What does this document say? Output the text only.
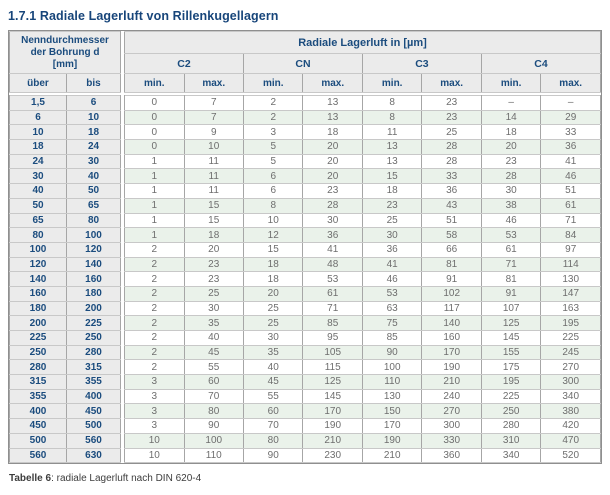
1.7.1 Radiale Lagerluft von Rillenkugellagern
Nenndurchmesser der Bohrung d [mm]			Radiale Lagerluft in [µm]							
			C2		CN		C3		C4	
über	bis		min.	max.	min.	max.	min.	max.	min.	max.

1,5	6		0	7	2	13	8	23	–	–
6	10		0	7	2	13	8	23	14	29
10	18		0	9	3	18	11	25	18	33
18	24		0	10	5	20	13	28	20	36
24	30		1	11	5	20	13	28	23	41
30	40		1	11	6	20	15	33	28	46
40	50		1	11	6	23	18	36	30	51
50	65		1	15	8	28	23	43	38	61
65	80		1	15	10	30	25	51	46	71
80	100		1	18	12	36	30	58	53	84
100	120		2	20	15	41	36	66	61	97
120	140		2	23	18	48	41	81	71	114
140	160		2	23	18	53	46	91	81	130
160	180		2	25	20	61	53	102	91	147
180	200		2	30	25	71	63	117	107	163
200	225		2	35	25	85	75	140	125	195
225	250		2	40	30	95	85	160	145	225
250	280		2	45	35	105	90	170	155	245
280	315		2	55	40	115	100	190	175	270
315	355		3	60	45	125	110	210	195	300
355	400		3	70	55	145	130	240	225	340
400	450		3	80	60	170	150	270	250	380
450	500		3	90	70	190	170	300	280	420
500	560		10	100	80	210	190	330	310	470
560	630		10	110	90	230	210	360	340	520

Tabelle 6: radiale Lagerluft nach DIN 620-4
